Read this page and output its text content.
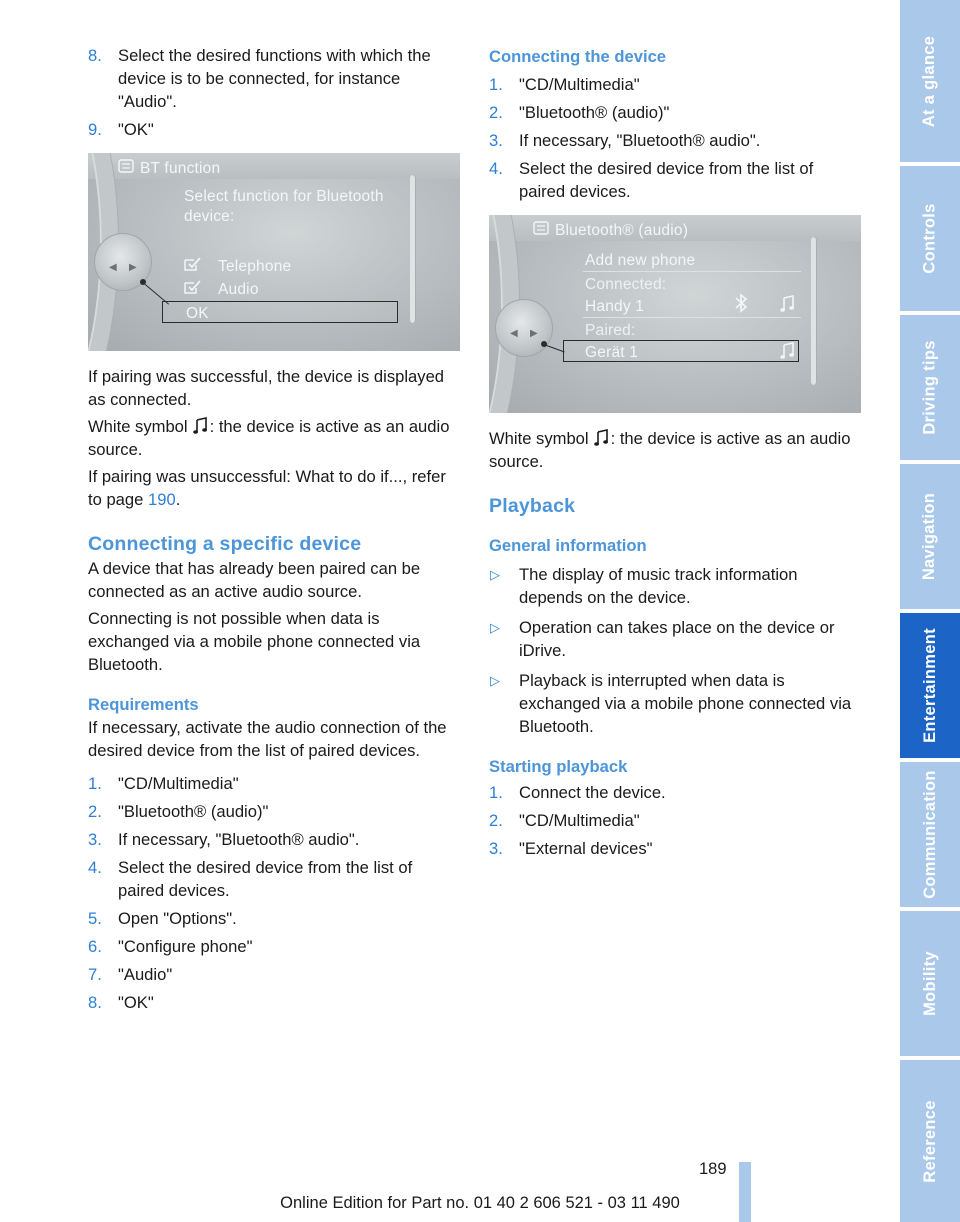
8. Select the desired functions with which the device is to be connected, for instance "Audio".
9. "OK"
BT function
◀ ▶
Select function for Bluetooth
device:
Telephone
Audio
OK

If pairing was successful, the device is displayed as connected.

White symbol : the device is active as an audio source.

If pairing was unsuccessful: What to do if..., refer to page 190.

Connecting a specific device

A device that has already been paired can be connected as an active audio source.

Connecting is not possible when data is exchanged via a mobile phone connected via Bluetooth.

Requirements

If necessary, activate the audio connection of the desired device from the list of paired devices.

1. "CD/Multimedia"
2. "Bluetooth® (audio)"
3. If necessary, "Bluetooth® audio".
4. Select the desired device from the list of paired devices.
5. Open "Options".
6. "Configure phone"
7. "Audio"
8. "OK"
Connecting the device
1. "CD/Multimedia"
2. "Bluetooth® (audio)"
3. If necessary, "Bluetooth® audio".
4. Select the desired device from the list of paired devices.
Bluetooth® (audio)
◀ ▶
Add new phone
Connected:
Handy 1
Paired:
Gerät 1

White symbol : the device is active as an audio source.

Playback
General information
▷ The display of music track information depends on the device.
▷ Operation can takes place on the device or iDrive.
▷ Playback is interrupted when data is exchanged via a mobile phone connected via Bluetooth.
Starting playback
1. Connect the device.
2. "CD/Multimedia"
3. "External devices"
At a glance
Controls
Driving tips
Navigation
Entertainment
Communication
Mobility
Reference
189
Online Edition for Part no. 01 40 2 606 521 - 03 11 490
